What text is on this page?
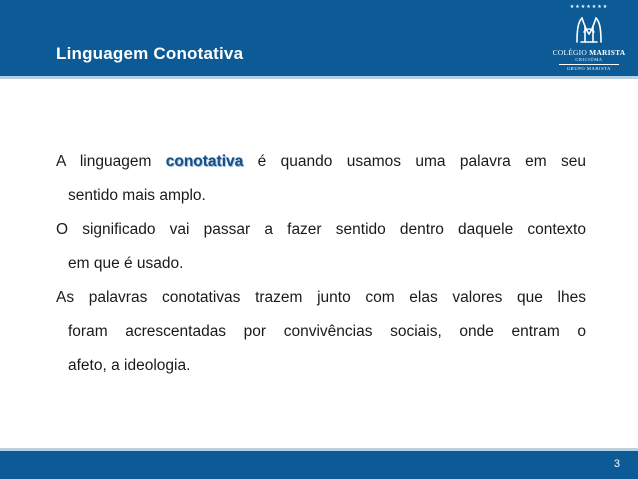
Linguagem Conotativa
★★★★★★★
COLÉGIO MARISTA
CRICIÚMA
GRUPO MARISTA
A linguagem conotativa é quando usamos uma palavra em seu
sentido mais amplo.
O significado vai passar a fazer sentido dentro daquele contexto
em que é usado.
As palavras conotativas trazem junto com elas valores que lhes
foram acrescentadas por convivências sociais, onde entram o
afeto, a ideologia.
3
